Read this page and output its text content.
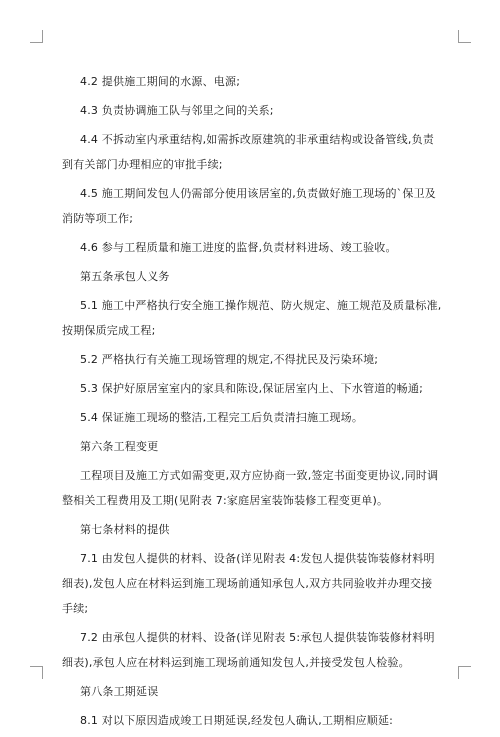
4.2 提供施工期间的水源、电源;

4.3 负责协调施工队与邻里之间的关系;

4.4 不拆动室内承重结构,如需拆改原建筑的非承重结构或设备管线,负责到有关部门办理相应的审批手续;

4.5 施工期间发包人仍需部分使用该居室的,负责做好施工现场的`保卫及消防等项工作;

4.6 参与工程质量和施工进度的监督,负责材料进场、竣工验收。

第五条承包人义务

5.1 施工中严格执行安全施工操作规范、防火规定、施工规范及质量标准,按期保质完成工程;

5.2 严格执行有关施工现场管理的规定,不得扰民及污染环境;

5.3 保护好原居室室内的家具和陈设,保证居室内上、下水管道的畅通;

5.4 保证施工现场的整洁,工程完工后负责清扫施工现场。

第六条工程变更

工程项目及施工方式如需变更,双方应协商一致,签定书面变更协议,同时调整相关工程费用及工期(见附表 7:家庭居室装饰装修工程变更单)。

第七条材料的提供

7.1 由发包人提供的材料、设备(详见附表 4:发包人提供装饰装修材料明细表),发包人应在材料运到施工现场前通知承包人,双方共同验收并办理交接手续;

7.2 由承包人提供的材料、设备(详见附表 5:承包人提供装饰装修材料明细表),承包人应在材料运到施工现场前通知发包人,并接受发包人检验。

第八条工期延误

8.1 对以下原因造成竣工日期延误,经发包人确认,工期相应顺延:
